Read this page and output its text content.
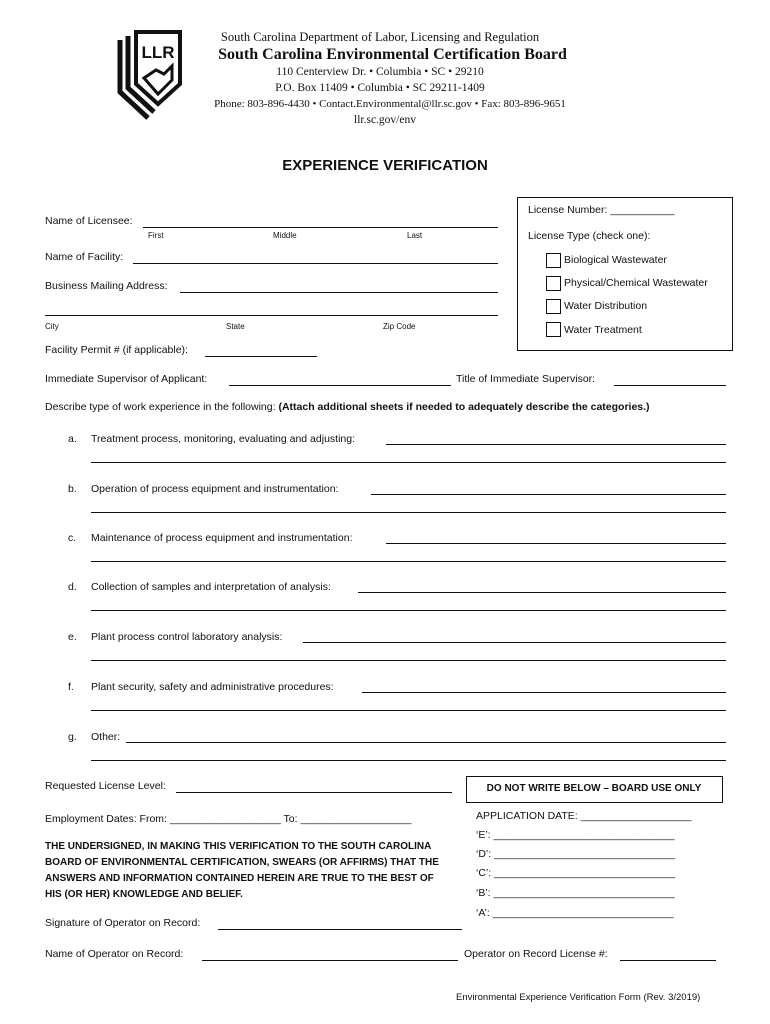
LLR
South Carolina Department of Labor, Licensing and Regulation
South Carolina Environmental Certification Board
110 Centerview Dr. • Columbia • SC • 29210
P.O. Box 11409 • Columbia • SC 29211-1409
Phone: 803-896-4430 • Contact.Environmental@llr.sc.gov • Fax: 803-896-9651
llr.sc.gov/env
EXPERIENCE VERIFICATION
License Number: ___________
License Type (check one):
Biological Wastewater
Physical/Chemical Wastewater
Water Distribution
Water Treatment
Name of Licensee:
First	Middle	Last
Name of Facility:
Business Mailing Address:
City	State	Zip Code
Facility Permit # (if applicable):
Immediate Supervisor of Applicant:	Title of Immediate Supervisor:
Describe type of work experience in the following: (Attach additional sheets if needed to adequately describe the categories.)
a. Treatment process, monitoring, evaluating and adjusting:
b. Operation of process equipment and instrumentation:
c. Maintenance of process equipment and instrumentation:
d. Collection of samples and interpretation of analysis:
e. Plant process control laboratory analysis:
f. Plant security, safety and administrative procedures:
g. Other:
Requested License Level:
Employment Dates: From: ___________________ To: ___________________
THE UNDERSIGNED, IN MAKING THIS VERIFICATION TO THE SOUTH CAROLINA
BOARD OF ENVIRONMENTAL CERTIFICATION, SWEARS (OR AFFIRMS) THAT THE
ANSWERS AND INFORMATION CONTAINED HEREIN ARE TRUE TO THE BEST OF
HIS (OR HER) KNOWLEDGE AND BELIEF.
Signature of Operator on Record:
Name of Operator on Record:	Operator on Record License #:
DO NOT WRITE BELOW – BOARD USE ONLY
APPLICATION DATE: ___________________
‘E’: _______________________________
‘D’: _______________________________
‘C’: _______________________________
‘B’: _______________________________
‘A’: _______________________________
Environmental Experience Verification Form (Rev. 3/2019)
